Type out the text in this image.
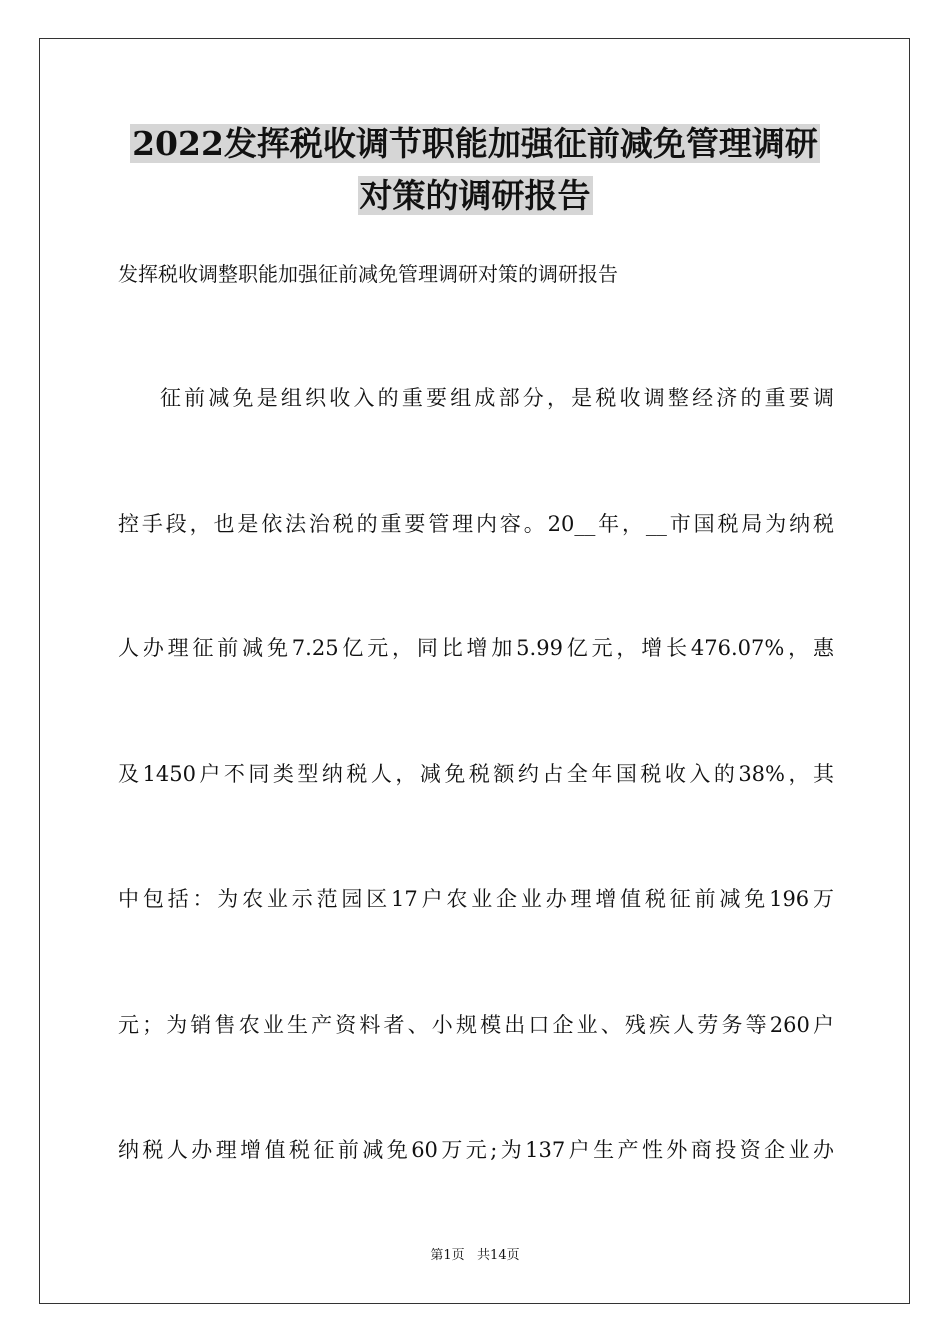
2022发挥税收调节职能加强征前减免管理调研
对策的调研报告
发挥税收调整职能加强征前减免管理调研对策的调研报告
征前减免是组织收入的重要组成部分，是税收调整经济的重要调
控手段，也是依法治税的重要管理内容。20__年，__市国税局为纳税
人办理征前减免7.25亿元，同比增加5.99亿元，增长476.07%，惠
及1450户不同类型纳税人，减免税额约占全年国税收入的38%，其
中包括：为农业示范园区17户农业企业办理增值税征前减免196万
元；为销售农业生产资料者、小规模出口企业、残疾人劳务等260户
纳税人办理增值税征前减免60万元;为137户生产性外商投资企业办
第1页   共14页
